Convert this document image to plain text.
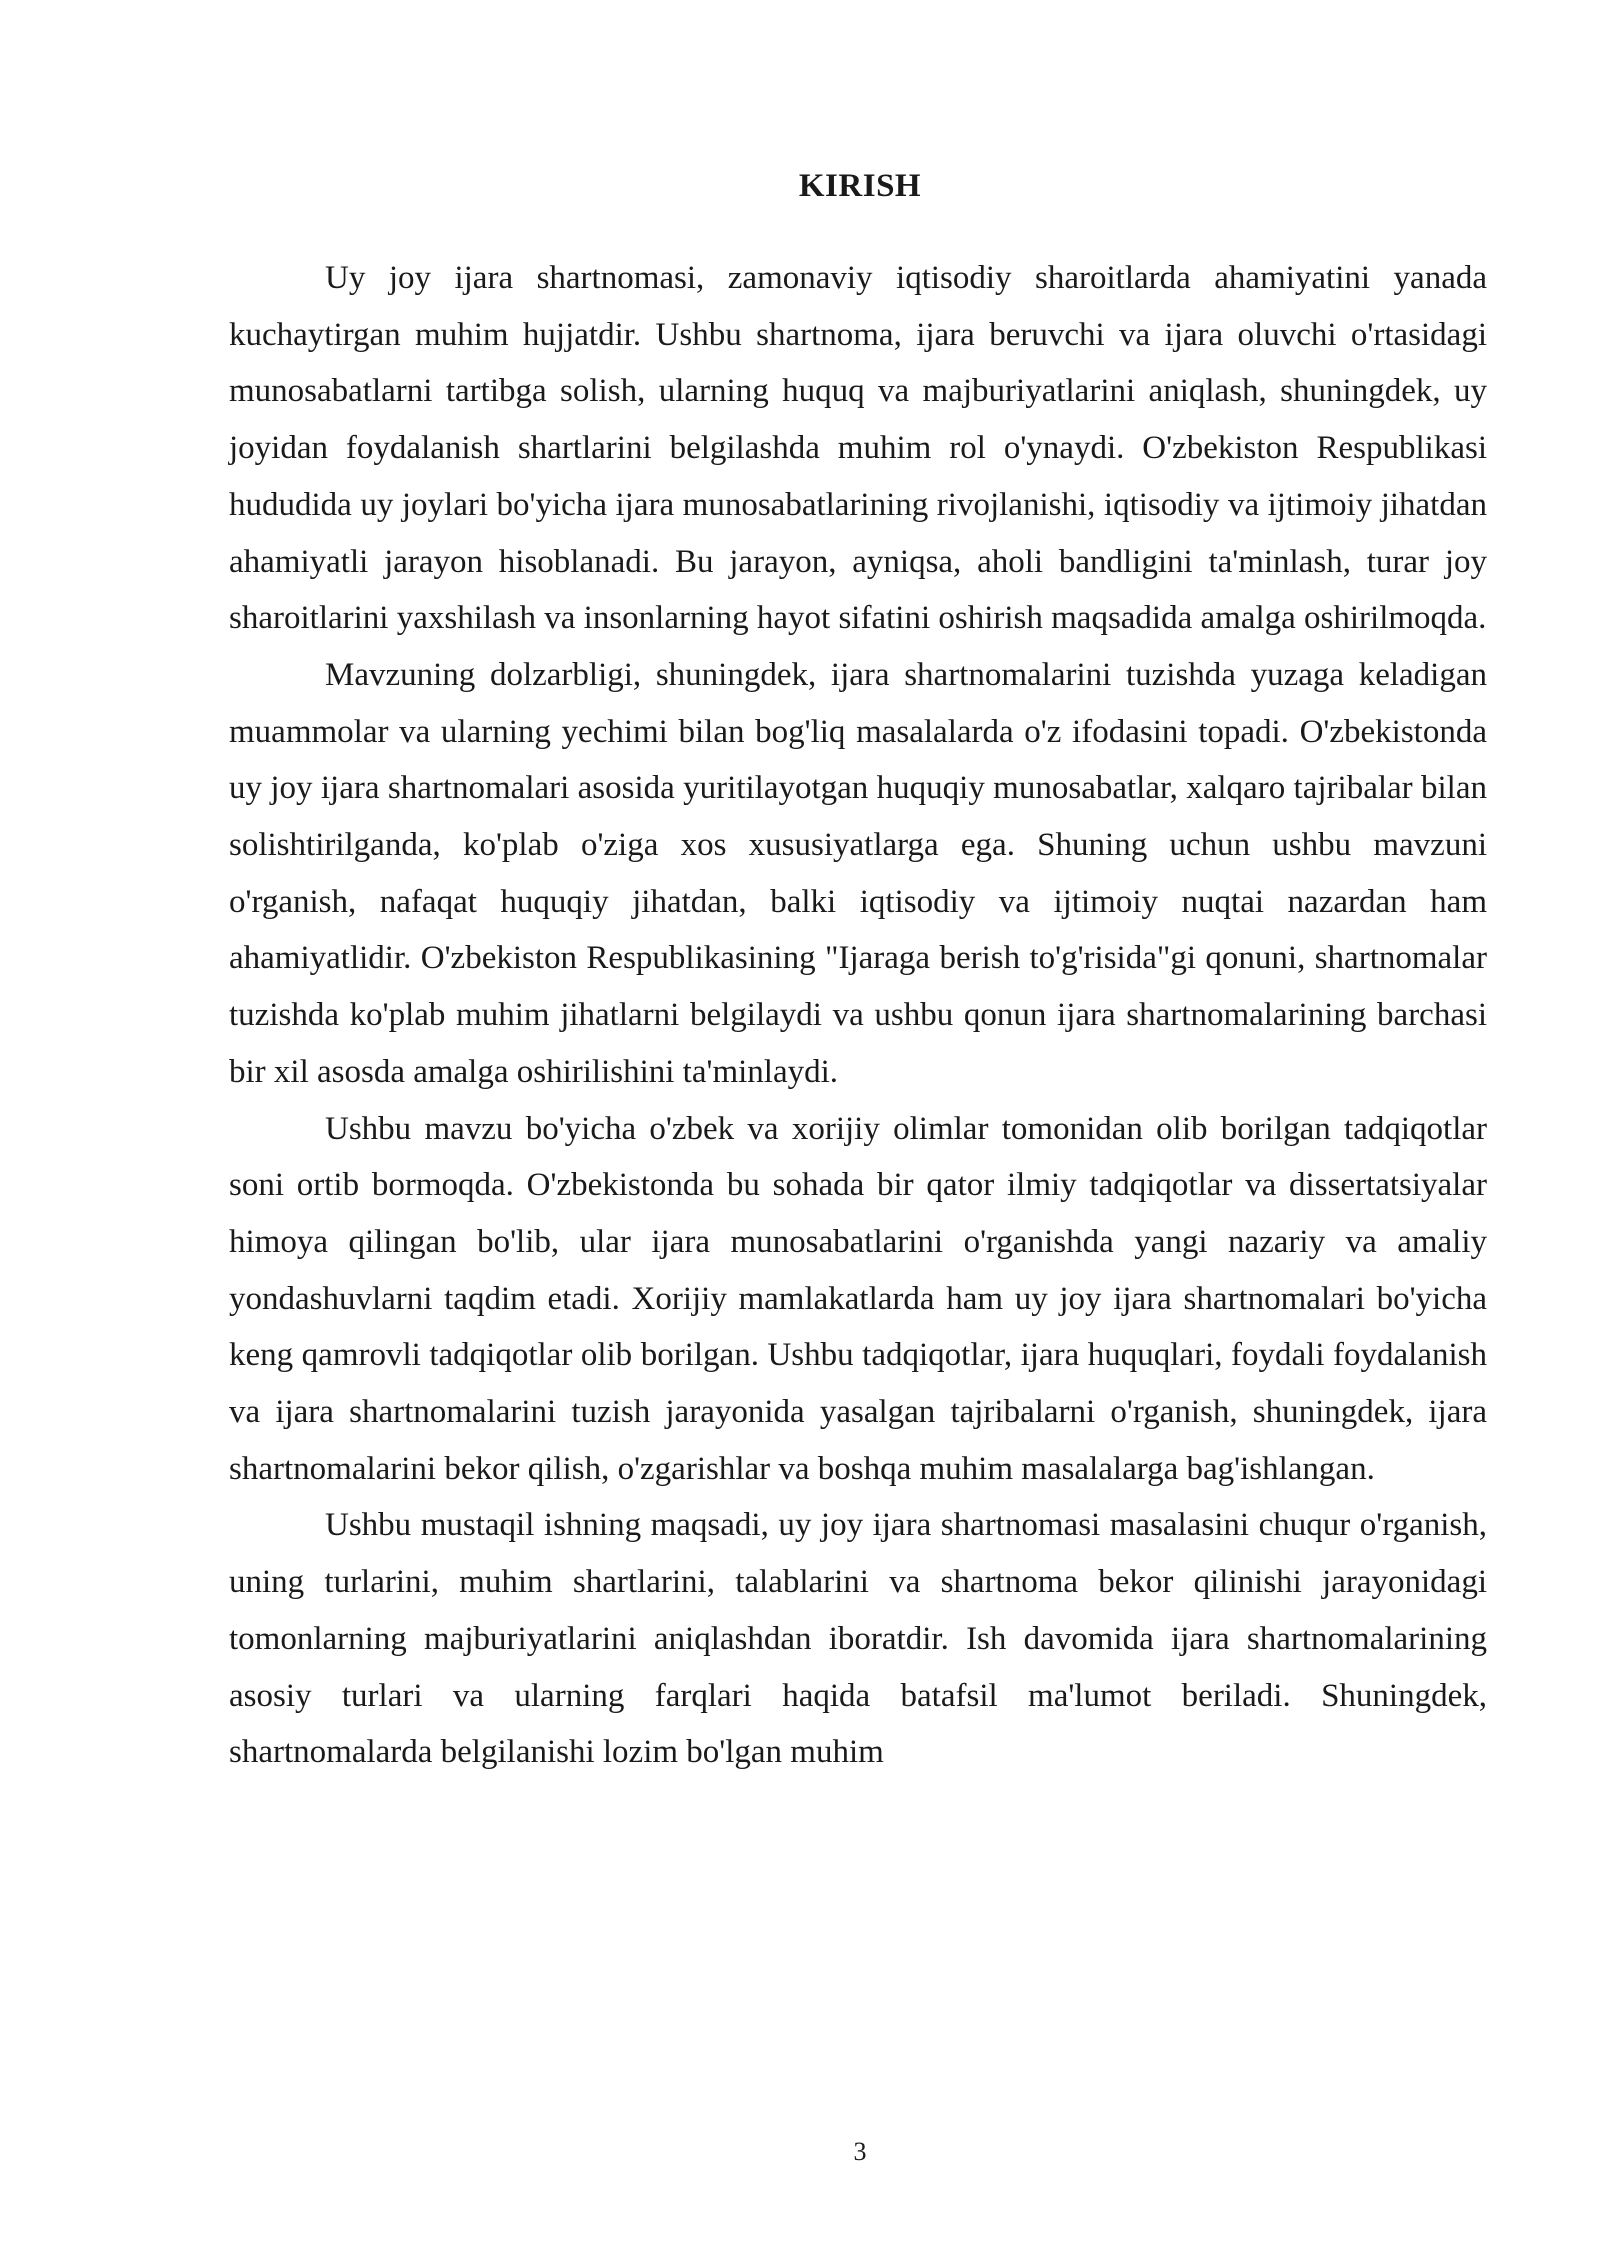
KIRISH

Uy joy ijara shartnomasi, zamonaviy iqtisodiy sharoitlarda ahamiyatini yanada kuchaytirgan muhim hujjatdir. Ushbu shartnoma, ijara beruvchi va ijara oluvchi o'rtasidagi munosabatlarni tartibga solish, ularning huquq va majburiyatlarini aniqlash, shuningdek, uy joyidan foydalanish shartlarini belgilashda muhim rol o'ynaydi. O'zbekiston Respublikasi hududida uy joylari bo'yicha ijara munosabatlarining rivojlanishi, iqtisodiy va ijtimoiy jihatdan ahamiyatli jarayon hisoblanadi. Bu jarayon, ayniqsa, aholi bandligini ta'minlash, turar joy sharoitlarini yaxshilash va insonlarning hayot sifatini oshirish maqsadida amalga oshirilmoqda.

Mavzuning dolzarbligi, shuningdek, ijara shartnomalarini tuzishda yuzaga keladigan muammolar va ularning yechimi bilan bog'liq masalalarda o'z ifodasini topadi. O'zbekistonda uy joy ijara shartnomalari asosida yuritilayotgan huquqiy munosabatlar, xalqaro tajribalar bilan solishtirilganda, ko'plab o'ziga xos xususiyatlarga ega. Shuning uchun ushbu mavzuni o'rganish, nafaqat huquqiy jihatdan, balki iqtisodiy va ijtimoiy nuqtai nazardan ham ahamiyatlidir. O'zbekiston Respublikasining "Ijaraga berish to'g'risida"gi qonuni, shartnomalar tuzishda ko'plab muhim jihatlarni belgilaydi va ushbu qonun ijara shartnomalarining barchasi bir xil asosda amalga oshirilishini ta'minlaydi.

Ushbu mavzu bo'yicha o'zbek va xorijiy olimlar tomonidan olib borilgan tadqiqotlar soni ortib bormoqda. O'zbekistonda bu sohada bir qator ilmiy tadqiqotlar va dissertatsiyalar himoya qilingan bo'lib, ular ijara munosabatlarini o'rganishda yangi nazariy va amaliy yondashuvlarni taqdim etadi. Xorijiy mamlakatlarda ham uy joy ijara shartnomalari bo'yicha keng qamrovli tadqiqotlar olib borilgan. Ushbu tadqiqotlar, ijara huquqlari, foydali foydalanish va ijara shartnomalarini tuzish jarayonida yasalgan tajribalarni o'rganish, shuningdek, ijara shartnomalarini bekor qilish, o'zgarishlar va boshqa muhim masalalarga bag'ishlangan.

Ushbu mustaqil ishning maqsadi, uy joy ijara shartnomasi masalasini chuqur o'rganish, uning turlarini, muhim shartlarini, talablarini va shartnoma bekor qilinishi jarayonidagi tomonlarning majburiyatlarini aniqlashdan iboratdir. Ish davomida ijara shartnomalarining asosiy turlari va ularning farqlari haqida batafsil ma'lumot beriladi. Shuningdek, shartnomalarda belgilanishi lozim bo'lgan muhim

3
